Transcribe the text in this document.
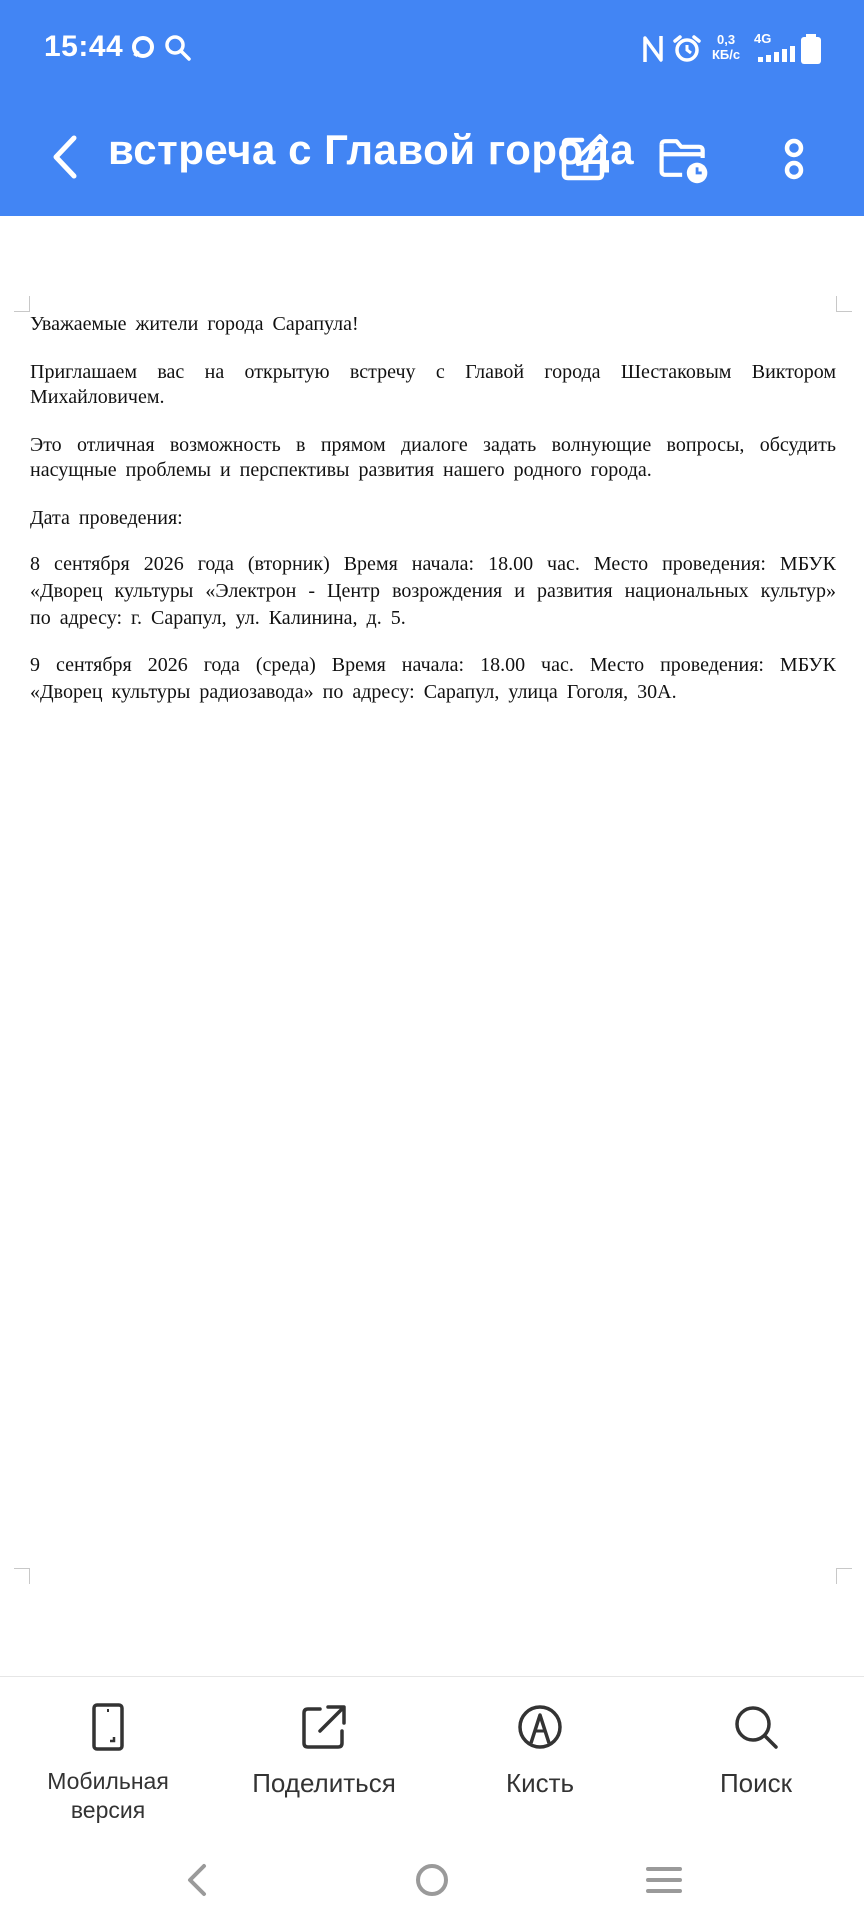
15:44	0,3
КБ/с
4G
встреча с Главой города

Уважаемые жители города Сарапула!

Приглашаем вас на открытую встречу с Главой города Шестаковым Виктором Михайловичем.

Это отличная возможность в прямом диалоге задать волнующие вопросы, обсудить насущные проблемы и перспективы развития нашего родного города.

Дата проведения:

8 сентября 2026 года (вторник) Время начала: 18.00 час. Место проведения: МБУК «Дворец культуры «Электрон - Центр возрождения и развития национальных культур» по адресу: г. Сарапул, ул. Калинина, д. 5.

9 сентября 2026 года (среда) Время начала: 18.00 час. Место проведения: МБУК «Дворец культуры радиозавода» по адресу: Сарапул, улица Гоголя, 30А.

Мобильная версия
Поделиться	Кисть	Поиск
